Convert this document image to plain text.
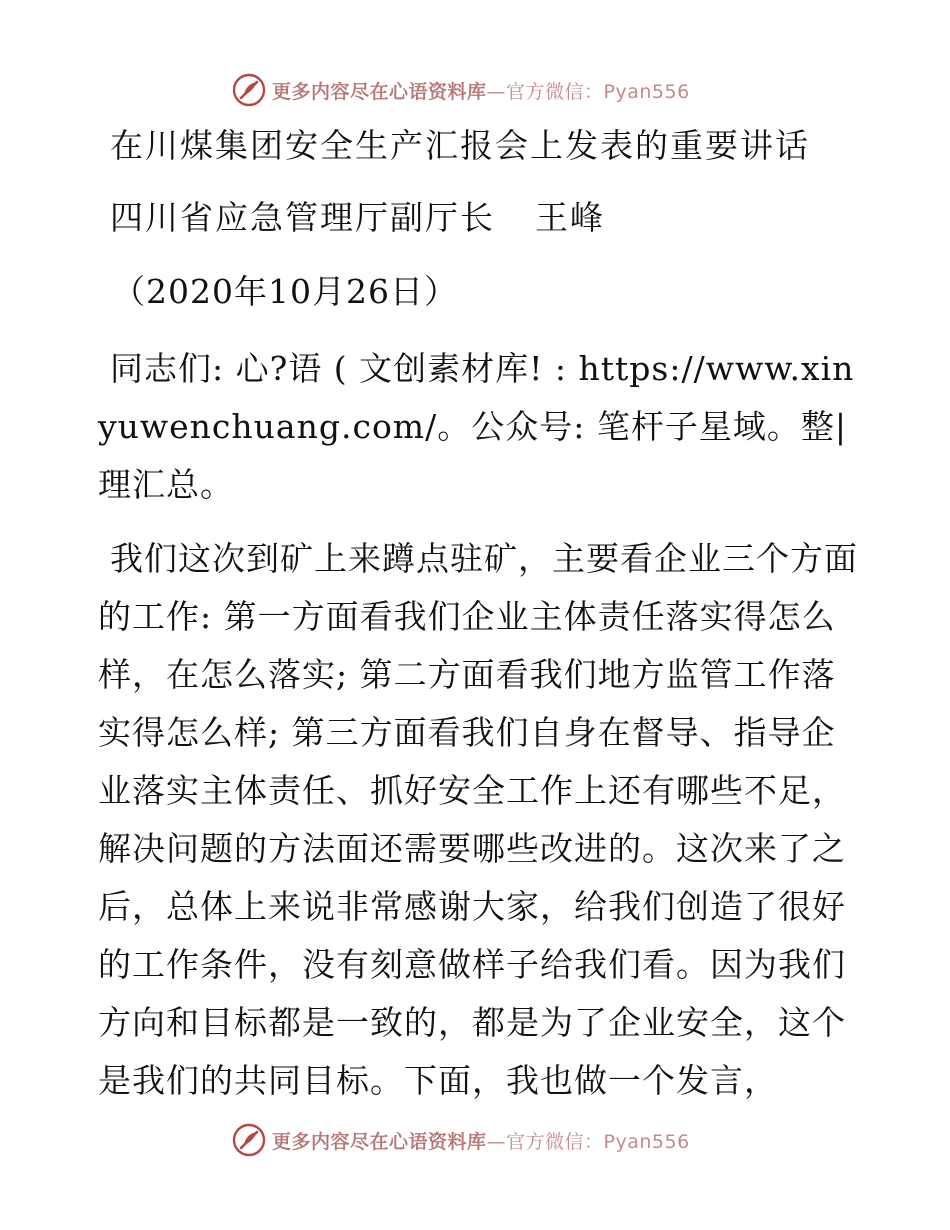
更多内容尽在心语资料库—官方微信：Pyan556
在川煤集团安全生产汇报会上发表的重要讲话
四川省应急管理厅副厅长 王峰
（2020年10月26日）
同志们: 心?语 ( 文创素材库! : https://www.xinyuwenchuang.com/。公众号: 笔杆子星域。整|理汇总。
我们这次到矿上来蹲点驻矿，主要看企业三个方面的工作: 第一方面看我们企业主体责任落实得怎么样，在怎么落实; 第二方面看我们地方监管工作落实得怎么样; 第三方面看我们自身在督导、指导企业落实主体责任、抓好安全工作上还有哪些不足，解决问题的方法面还需要哪些改进的。这次来了之后，总体上来说非常感谢大家，给我们创造了很好的工作条件，没有刻意做样子给我们看。因为我们方向和目标都是一致的，都是为了企业安全，这个是我们的共同目标。下面，我也做一个发言，
更多内容尽在心语资料库—官方微信：Pyan556
